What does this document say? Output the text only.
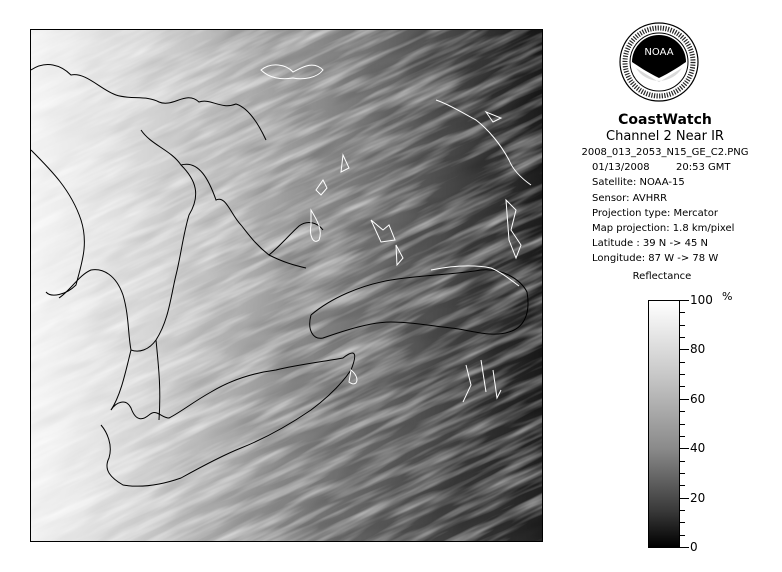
NOAA
CoastWatch
Channel 2 Near IR
2008_013_2053_N15_GE_C2.PNG
01/13/2008	20:53 GMT
Satellite: NOAA-15
Sensor: AVHRR
Projection type: Mercator
Map projection: 1.8 km/pixel
Latitude : 39 N -> 45 N
Longitude: 87 W -> 78 W
Reflectance
%
100
80
60
40
20
0
